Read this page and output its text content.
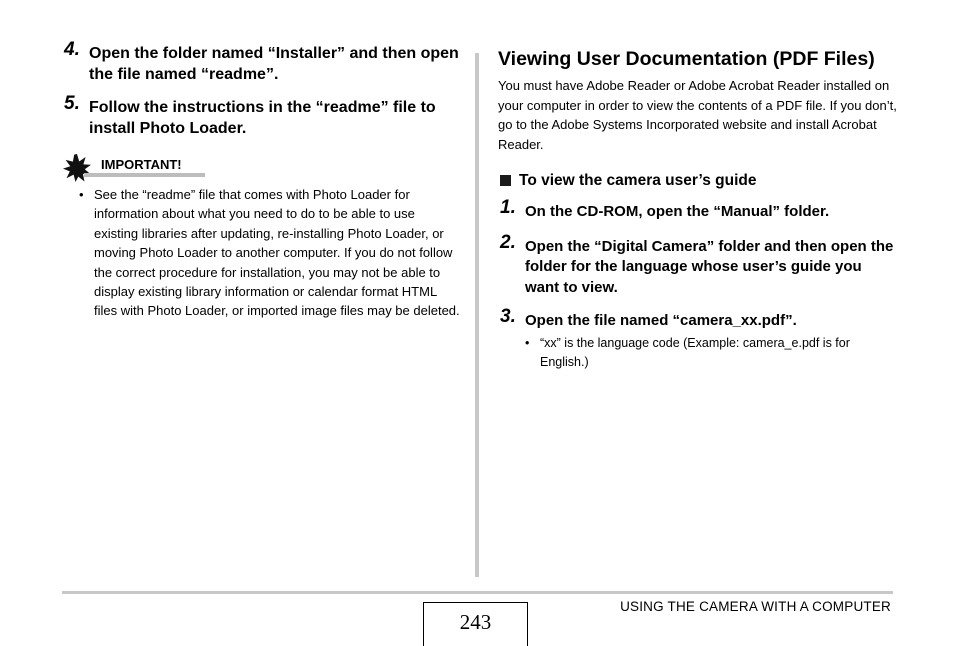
4. Open the folder named “Installer” and then open the file named “readme”.
5. Follow the instructions in the “readme” file to install Photo Loader.
IMPORTANT!
• See the “readme” file that comes with Photo Loader for information about what you need to do to be able to use existing libraries after updating, re-installing Photo Loader, or moving Photo Loader to another computer. If you do not follow the correct procedure for installation, you may not be able to display existing library information or calendar format HTML files with Photo Loader, or imported image files may be deleted.
Viewing User Documentation (PDF Files)
You must have Adobe Reader or Adobe Acrobat Reader installed on your computer in order to view the contents of a PDF file. If you don’t, go to the Adobe Systems Incorporated website and install Acrobat Reader.
To view the camera user’s guide
1. On the CD-ROM, open the “Manual” folder.
2. Open the “Digital Camera” folder and then open the folder for the language whose user’s guide you want to view.
3. Open the file named “camera_xx.pdf”.
• “xx” is the language code (Example: camera_e.pdf is for English.)
243
USING THE CAMERA WITH A COMPUTER
